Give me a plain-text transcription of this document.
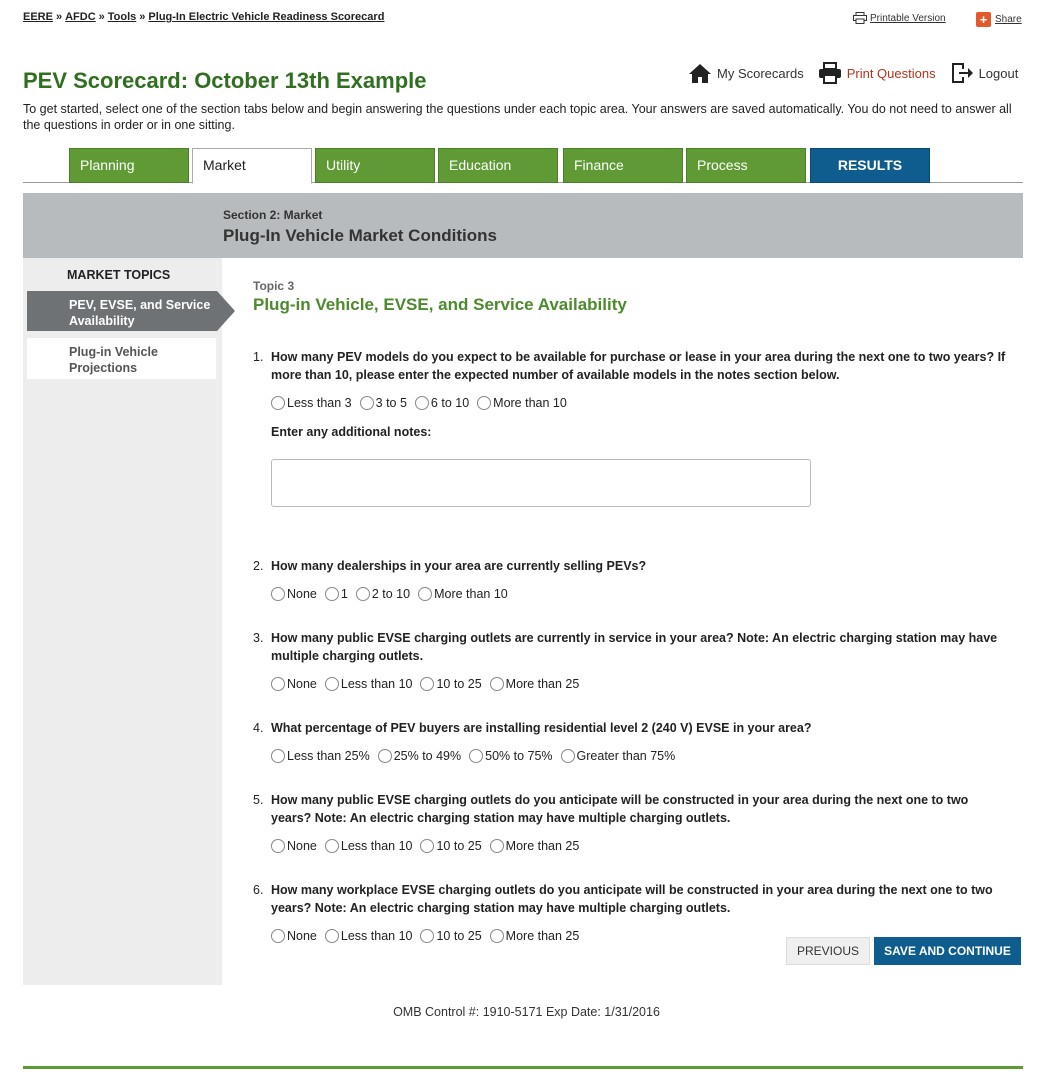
EERE » AFDC » Tools » Plug-In Electric Vehicle Readiness Scorecard	Printable Version	+ Share
PEV Scorecard: October 13th Example	My Scorecards	Print Questions	Logout
To get started, select one of the section tabs below and begin answering the questions under each topic area. Your answers are saved automatically. You do not need to answer all the questions in order or in one sitting.
Planning	Market	Utility	Education	Finance	Process	RESULTS
Section 2: Market
Plug-In Vehicle Market Conditions
MARKET TOPICS
PEV, EVSE, and Service Availability
Plug-in Vehicle Projections
Topic 3
Plug-in Vehicle, EVSE, and Service Availability
1. How many PEV models do you expect to be available for purchase or lease in your area during the next one to two years? If more than 10, please enter the expected number of available models in the notes section below.
Less than 3 3 to 5 6 to 10 More than 10
Enter any additional notes:
2. How many dealerships in your area are currently selling PEVs?
None 1 2 to 10 More than 10
3. How many public EVSE charging outlets are currently in service in your area? Note: An electric charging station may have multiple charging outlets.
None Less than 10 10 to 25 More than 25
4. What percentage of PEV buyers are installing residential level 2 (240 V) EVSE in your area?
Less than 25% 25% to 49% 50% to 75% Greater than 75%
5. How many public EVSE charging outlets do you anticipate will be constructed in your area during the next one to two years? Note: An electric charging station may have multiple charging outlets.
None Less than 10 10 to 25 More than 25
6. How many workplace EVSE charging outlets do you anticipate will be constructed in your area during the next one to two years? Note: An electric charging station may have multiple charging outlets.
None Less than 10 10 to 25 More than 25
PREVIOUS	SAVE AND CONTINUE
OMB Control #: 1910-5171 Exp Date: 1/31/2016
